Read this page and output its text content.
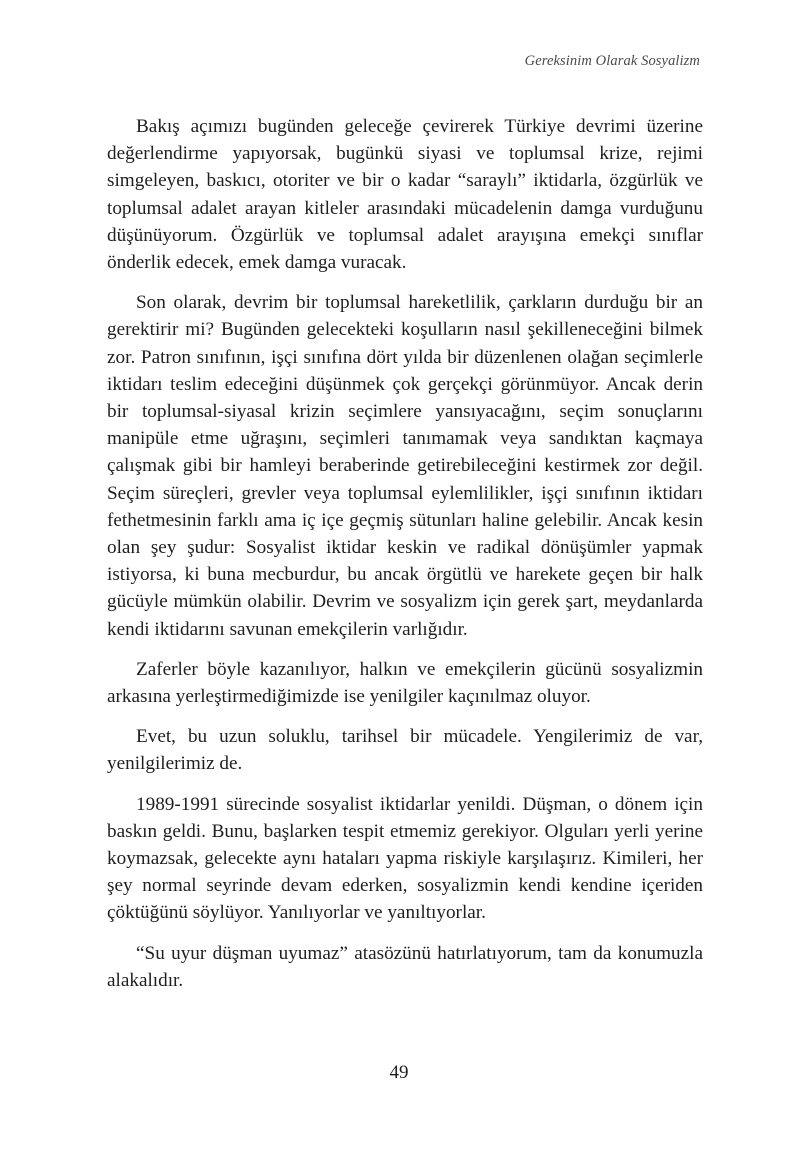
Gereksinim Olarak Sosyalizm

Bakış açımızı bugünden geleceğe çevirerek Türkiye devrimi üzerine değerlendirme yapıyorsak, bugünkü siyasi ve toplumsal krize, rejimi simgeleyen, baskıcı, otoriter ve bir o kadar “saraylı” iktidarla, özgürlük ve toplumsal adalet arayan kitleler arasındaki mücadelenin damga vurduğunu düşünüyorum. Özgürlük ve toplumsal adalet arayışına emekçi sınıflar önderlik edecek, emek damga vuracak.

Son olarak, devrim bir toplumsal hareketlilik, çarkların durduğu bir an gerektirir mi? Bugünden gelecekteki koşulların nasıl şekilleneceğini bilmek zor. Patron sınıfının, işçi sınıfına dört yılda bir düzenlenen olağan seçimlerle iktidarı teslim edeceğini düşünmek çok gerçekçi görünmüyor. Ancak derin bir toplumsal-siyasal krizin seçimlere yansıyacağını, seçim sonuçlarını manipüle etme uğraşını, seçimleri tanımamak veya sandıktan kaçmaya çalışmak gibi bir hamleyi beraberinde getirebileceğini kestirmek zor değil. Seçim süreçleri, grevler veya toplumsal eylemlilikler, işçi sınıfının iktidarı fethetmesinin farklı ama iç içe geçmiş sütunları haline gelebilir. Ancak kesin olan şey şudur: Sosyalist iktidar keskin ve radikal dönüşümler yapmak istiyorsa, ki buna mecburdur, bu ancak örgütlü ve harekete geçen bir halk gücüyle mümkün olabilir. Devrim ve sosyalizm için gerek şart, meydanlarda kendi iktidarını savunan emekçilerin varlığıdır.

Zaferler böyle kazanılıyor, halkın ve emekçilerin gücünü sosyalizmin arkasına yerleştirmediğimizde ise yenilgiler kaçınılmaz oluyor.

Evet, bu uzun soluklu, tarihsel bir mücadele. Yengilerimiz de var, yenilgilerimiz de.

1989-1991 sürecinde sosyalist iktidarlar yenildi. Düşman, o dönem için baskın geldi. Bunu, başlarken tespit etmemiz gerekiyor. Olguları yerli yerine koymazsak, gelecekte aynı hataları yapma riskiyle karşılaşırız. Kimileri, her şey normal seyrinde devam ederken, sosyalizmin kendi kendine içeriden çöktüğünü söylüyor. Yanılıyorlar ve yanıltıyorlar.

“Su uyur düşman uyumaz” atasözünü hatırlatıyorum, tam da konumuzla alakalıdır.

49
